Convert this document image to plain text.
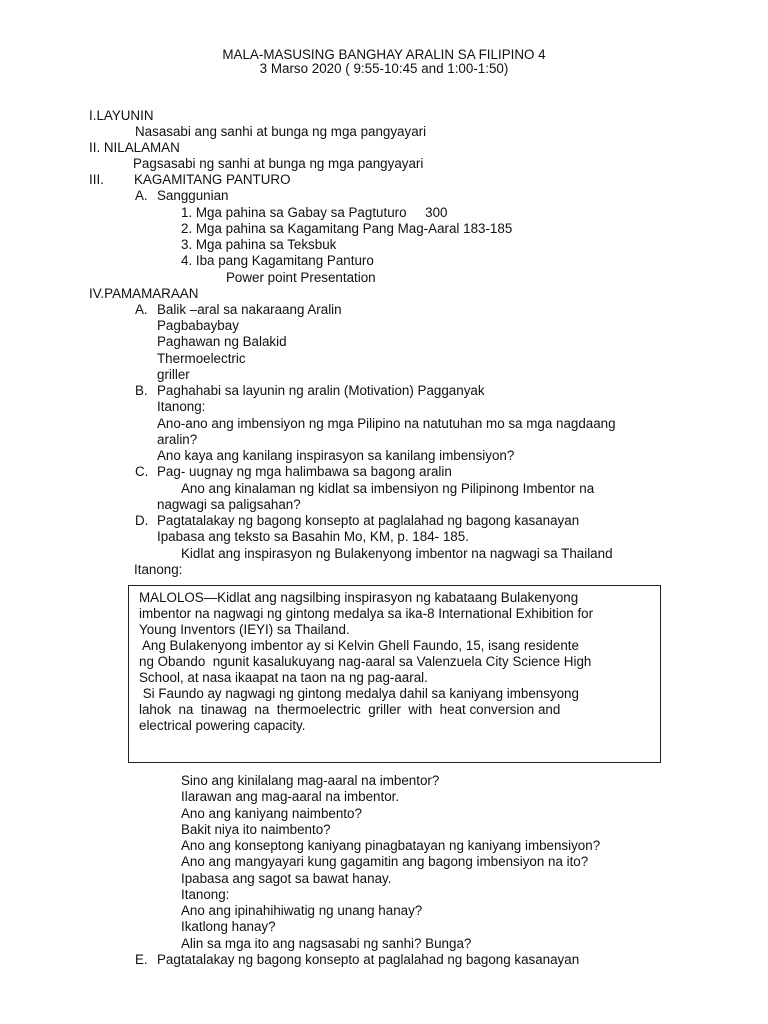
MALA-MASUSING BANGHAY ARALIN SA FILIPINO 4
3 Marso 2020 ( 9:55-10:45 and 1:00-1:50)
I.LAYUNIN
Nasasabi ang sanhi at bunga ng mga pangyayari
II. NILALAMAN
Pagsasabi ng sanhi at bunga ng mga pangyayari
III. KAGAMITANG PANTURO
A. Sanggunian
1. Mga pahina sa Gabay sa Pagtuturo     300
2. Mga pahina sa Kagamitang Pang Mag-Aaral 183-185
3. Mga pahina sa Teksbuk
4. Iba pang Kagamitang Panturo
Power point Presentation
IV.PAMAMARAAN
A. Balik –aral sa nakaraang Aralin
Pagbabaybay
Paghawan ng Balakid
Thermoelectric
griller
B. Paghahabi sa layunin ng aralin (Motivation) Pagganyak
Itanong:
Ano-ano ang imbensiyon ng mga Pilipino na natutuhan mo sa mga nagdaang
aralin?
Ano kaya ang kanilang inspirasyon sa kanilang imbensiyon?
C. Pag- uugnay ng mga halimbawa sa bagong aralin
Ano ang kinalaman ng kidlat sa imbensiyon ng Pilipinong Imbentor na
nagwagi sa paligsahan?
D. Pagtatalakay ng bagong konsepto at paglalahad ng bagong kasanayan
Ipabasa ang teksto sa Basahin Mo, KM, p. 184- 185.
Kidlat ang inspirasyon ng Bulakenyong imbentor na nagwagi sa Thailand
Itanong:
MALOLOS—Kidlat ang nagsilbing inspirasyon ng kabataang Bulakenyong
imbentor na nagwagi ng gintong medalya sa ika-8 International Exhibition for
Young Inventors (IEYI) sa Thailand.
Ang Bulakenyong imbentor ay si Kelvin Ghell Faundo, 15, isang residente
ng Obando  ngunit kasalukuyang nag-aaral sa Valenzuela City Science High
School, at nasa ikaapat na taon na ng pag-aaral.
Si Faundo ay nagwagi ng gintong medalya dahil sa kaniyang imbensyong
lahok  na  tinawag  na  thermoelectric  griller  with  heat conversion and
electrical powering capacity.
Sino ang kinilalang mag-aaral na imbentor?
Ilarawan ang mag-aaral na imbentor.
Ano ang kaniyang naimbento?
Bakit niya ito naimbento?
Ano ang konseptong kaniyang pinagbatayan ng kaniyang imbensiyon?
Ano ang mangyayari kung gagamitin ang bagong imbensiyon na ito?
Ipabasa ang sagot sa bawat hanay.
Itanong:
Ano ang ipinahihiwatig ng unang hanay?
Ikatlong hanay?
Alin sa mga ito ang nagsasabi ng sanhi? Bunga?
E. Pagtatalakay ng bagong konsepto at paglalahad ng bagong kasanayan
